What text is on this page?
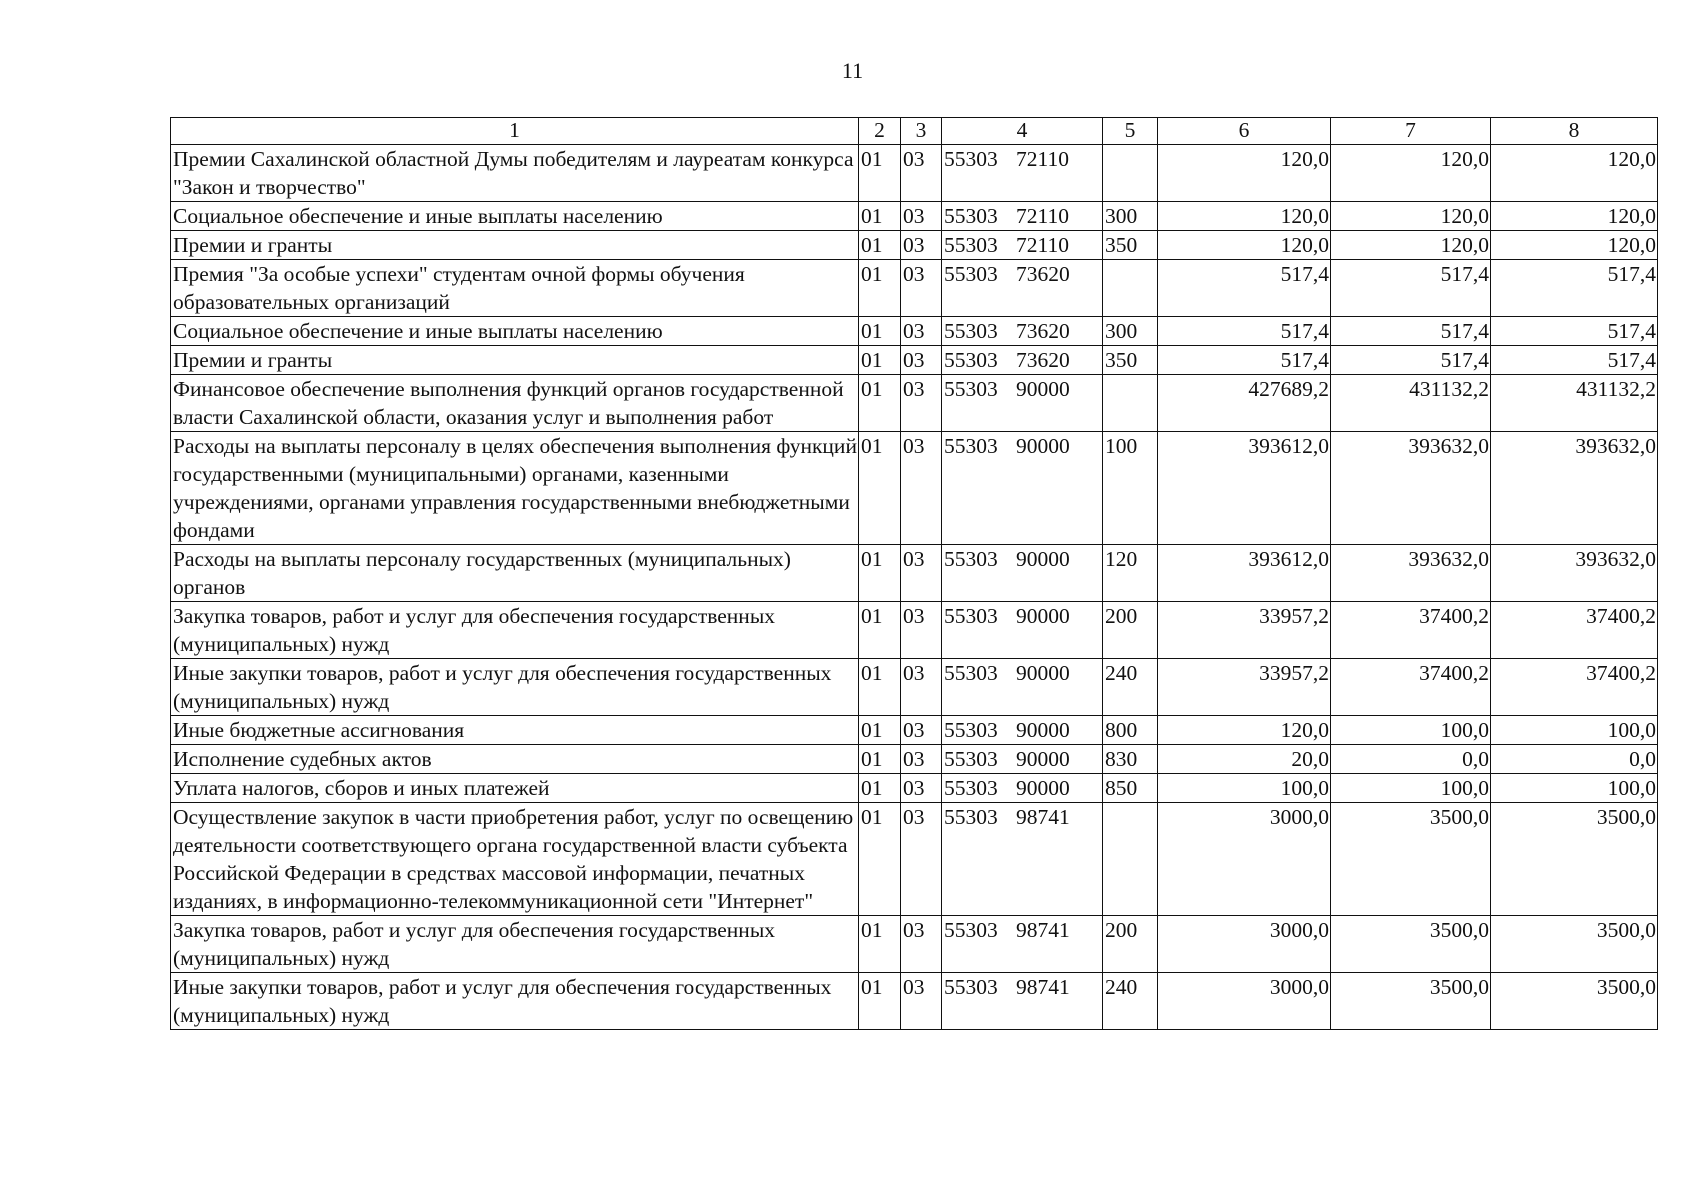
11
1	2	3	4	5	6	7	8
Премии Сахалинской областной Думы победителям и лауреатам конкурса "Закон и творчество"	01	03	55303 72110		120,0	120,0	120,0
Социальное обеспечение и иные выплаты населению	01	03	55303 72110	300	120,0	120,0	120,0
Премии и гранты	01	03	55303 72110	350	120,0	120,0	120,0
Премия "За особые успехи" студентам очной формы обучения образовательных организаций	01	03	55303 73620		517,4	517,4	517,4
Социальное обеспечение и иные выплаты населению	01	03	55303 73620	300	517,4	517,4	517,4
Премии и гранты	01	03	55303 73620	350	517,4	517,4	517,4
Финансовое обеспечение выполнения функций органов государственной власти Сахалинской области, оказания услуг и выполнения работ	01	03	55303 90000		427689,2	431132,2	431132,2
Расходы на выплаты персоналу в целях обеспечения выполнения функций государственными (муниципальными) органами, казенными учреждениями, органами управления государственными внебюджетными фондами	01	03	55303 90000	100	393612,0	393632,0	393632,0
Расходы на выплаты персоналу государственных (муниципальных) органов	01	03	55303 90000	120	393612,0	393632,0	393632,0
Закупка товаров, работ и услуг для обеспечения государственных (муниципальных) нужд	01	03	55303 90000	200	33957,2	37400,2	37400,2
Иные закупки товаров, работ и услуг для обеспечения государственных (муниципальных) нужд	01	03	55303 90000	240	33957,2	37400,2	37400,2
Иные бюджетные ассигнования	01	03	55303 90000	800	120,0	100,0	100,0
Исполнение судебных актов	01	03	55303 90000	830	20,0	0,0	0,0
Уплата налогов, сборов и иных платежей	01	03	55303 90000	850	100,0	100,0	100,0
Осуществление закупок в части приобретения работ, услуг по освещению деятельности соответствующего органа государственной власти субъекта Российской Федерации в средствах массовой информации, печатных изданиях, в информационно-телекоммуникационной сети "Интернет"	01	03	55303 98741		3000,0	3500,0	3500,0
Закупка товаров, работ и услуг для обеспечения государственных (муниципальных) нужд	01	03	55303 98741	200	3000,0	3500,0	3500,0
Иные закупки товаров, работ и услуг для обеспечения государственных (муниципальных) нужд	01	03	55303 98741	240	3000,0	3500,0	3500,0
